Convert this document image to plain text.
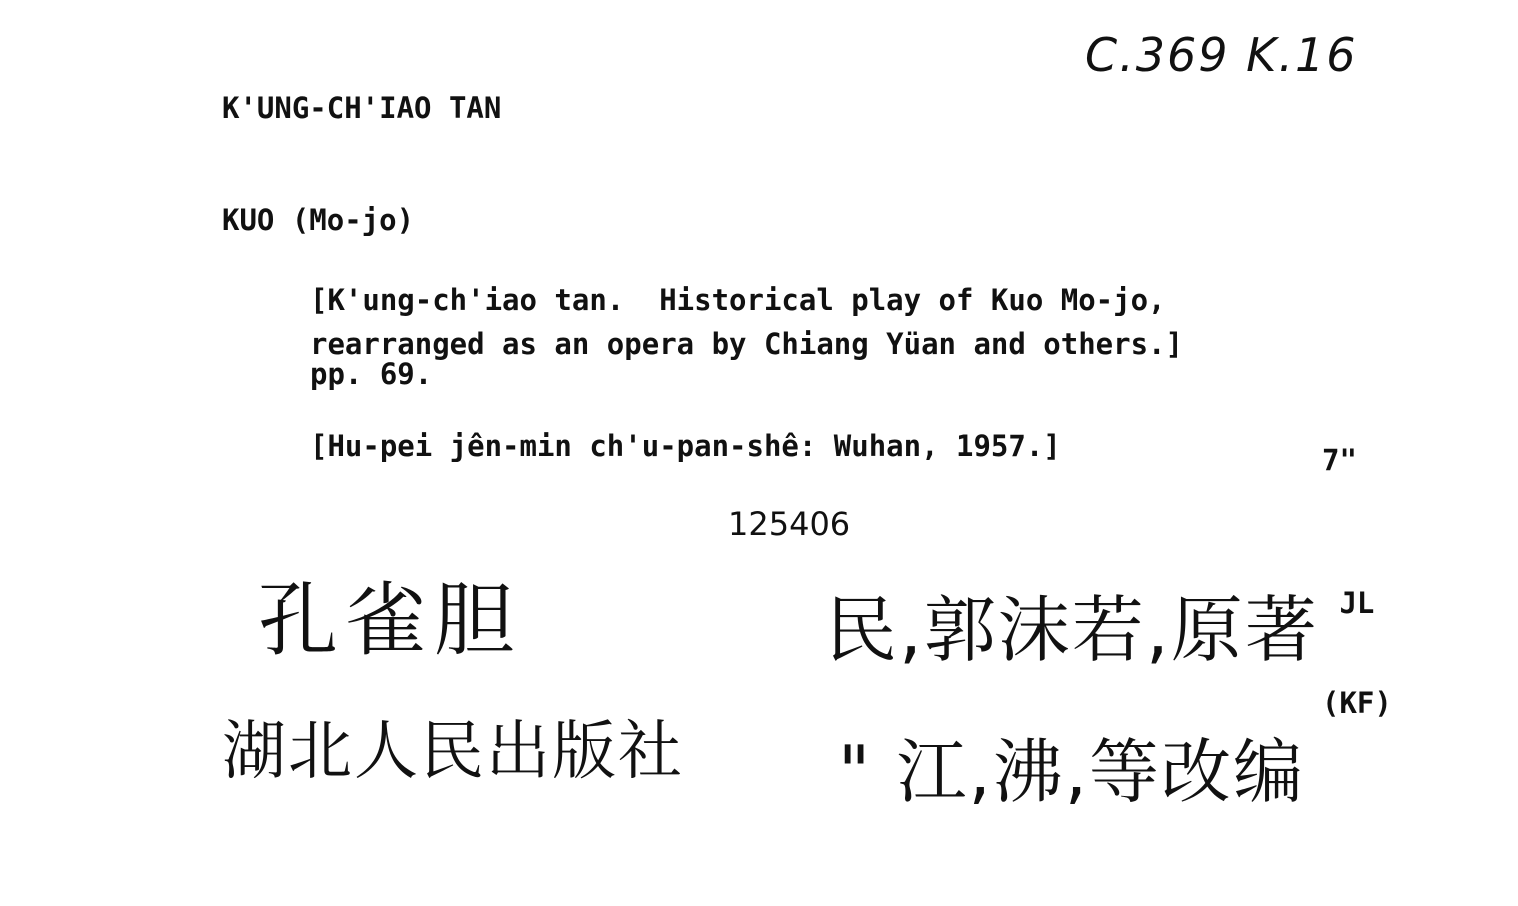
C.369 K.16
K'UNG-CH'IAO TAN
KUO (Mo-jo)
[K'ung-ch'iao tan.  Historical play of Kuo Mo-jo,
rearranged as an opera by Chiang Yüan and others.]
pp. 69.
[Hu-pei jên-min ch'u-pan-shê: Wuhan, 1957.]	7"
125406

JL

(KF)

孔雀胆
湖北人民出版社
民,郭沫若,原著
" 江,沸,等改编
